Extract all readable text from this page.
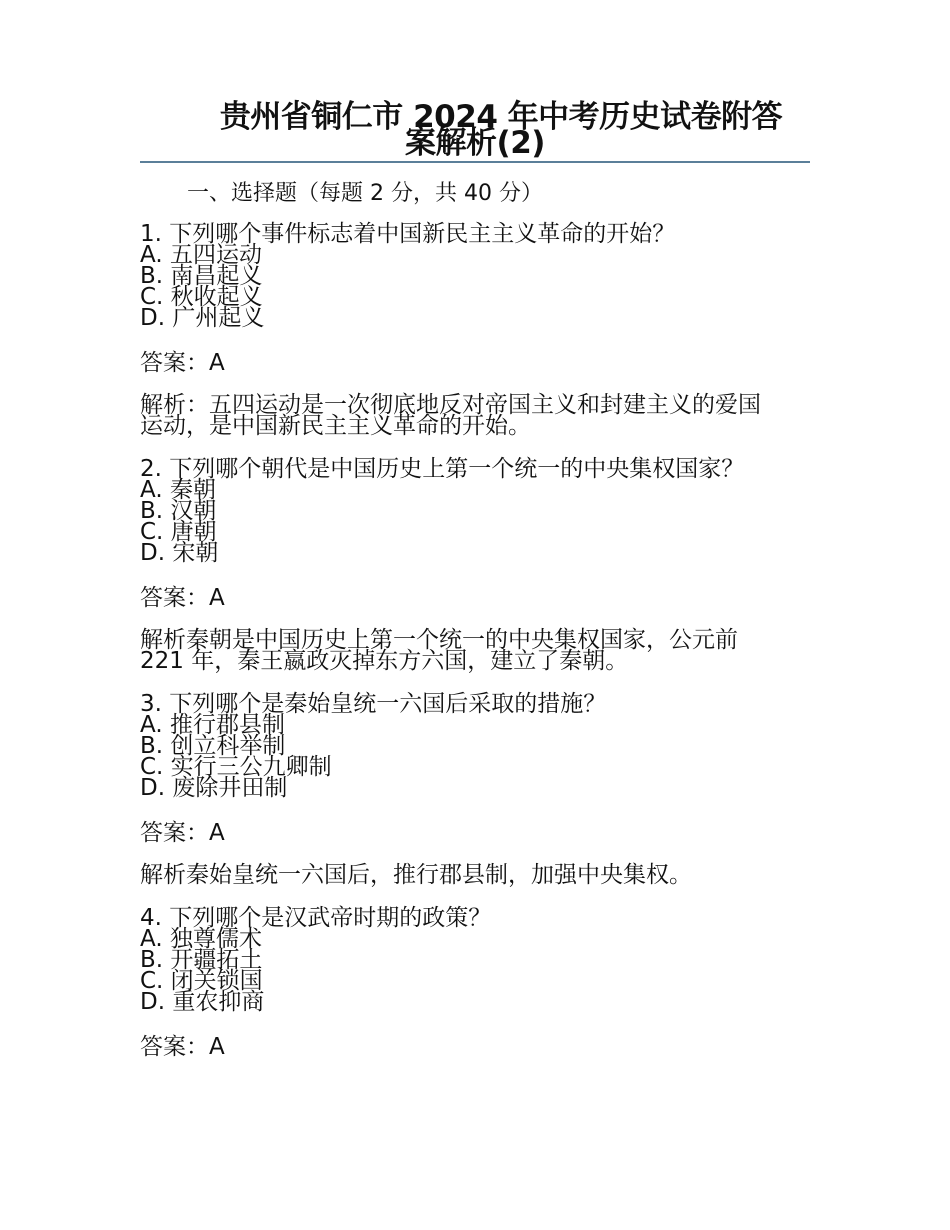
贵州省铜仁市 2024 年中考历史试卷附答
案解析(2)
一、选择题（每题 2 分，共 40 分）
1. 下列哪个事件标志着中国新民主主义革命的开始？
A. 五四运动
B. 南昌起义
C. 秋收起义
D. 广州起义
答案：A
解析：五四运动是一次彻底地反对帝国主义和封建主义的爱国
运动，是中国新民主主义革命的开始。
2. 下列哪个朝代是中国历史上第一个统一的中央集权国家？
A. 秦朝
B. 汉朝
C. 唐朝
D. 宋朝
答案：A
解析秦朝是中国历史上第一个统一的中央集权国家，公元前
221 年，秦王嬴政灭掉东方六国，建立了秦朝。
3. 下列哪个是秦始皇统一六国后采取的措施？
A. 推行郡县制
B. 创立科举制
C. 实行三公九卿制
D. 废除井田制
答案：A
解析秦始皇统一六国后，推行郡县制，加强中央集权。
4. 下列哪个是汉武帝时期的政策？
A. 独尊儒术
B. 开疆拓土
C. 闭关锁国
D. 重农抑商
答案：A
